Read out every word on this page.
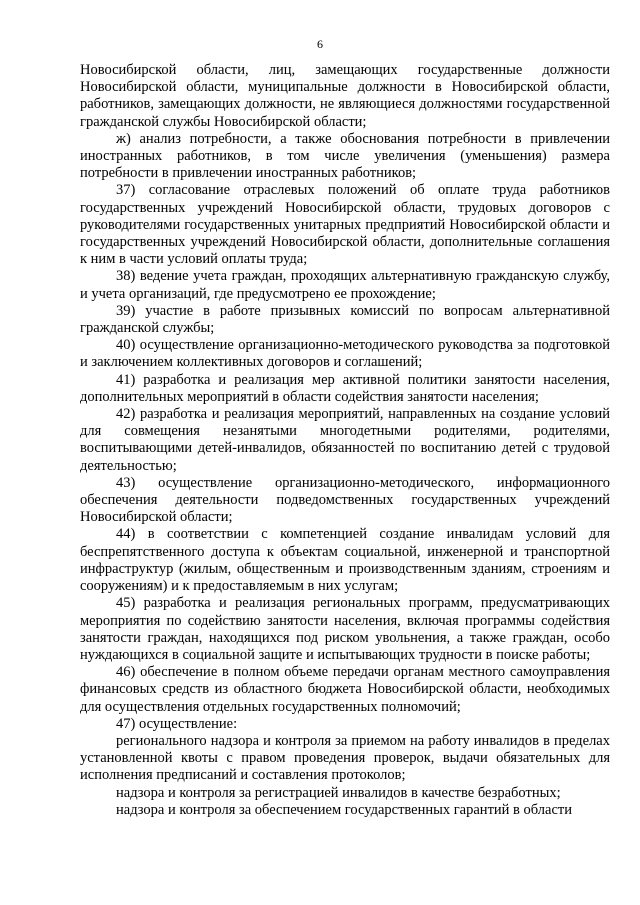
6

Новосибирской области, лиц, замещающих государственные должности Новосибирской области, муниципальные должности в Новосибирской области, работников, замещающих должности, не являющиеся должностями государственной гражданской службы Новосибирской области;

ж) анализ потребности, а также обоснования потребности в привлечении иностранных работников, в том числе увеличения (уменьшения) размера потребности в привлечении иностранных работников;

37) согласование отраслевых положений об оплате труда работников государственных учреждений Новосибирской области, трудовых договоров с руководителями государственных унитарных предприятий Новосибирской области и государственных учреждений Новосибирской области, дополнительные соглашения к ним в части условий оплаты труда;

38) ведение учета граждан, проходящих альтернативную гражданскую службу, и учета организаций, где предусмотрено ее прохождение;

39) участие в работе призывных комиссий по вопросам альтернативной гражданской службы;

40) осуществление организационно-методического руководства за подготовкой и заключением коллективных договоров и соглашений;

41) разработка и реализация мер активной политики занятости населения, дополнительных мероприятий в области содействия занятости населения;

42) разработка и реализация мероприятий, направленных на создание условий для совмещения незанятыми многодетными родителями, родителями, воспитывающими детей-инвалидов, обязанностей по воспитанию детей с трудовой деятельностью;

43) осуществление организационно-методического, информационного обеспечения деятельности подведомственных государственных учреждений Новосибирской области;

44) в соответствии с компетенцией создание инвалидам условий для беспрепятственного доступа к объектам социальной, инженерной и транспортной инфраструктур (жилым, общественным и производственным зданиям, строениям и сооружениям) и к предоставляемым в них услугам;

45) разработка и реализация региональных программ, предусматривающих мероприятия по содействию занятости населения, включая программы содействия занятости граждан, находящихся под риском увольнения, а также граждан, особо нуждающихся в социальной защите и испытывающих трудности в поиске работы;

46) обеспечение в полном объеме передачи органам местного самоуправления финансовых средств из областного бюджета Новосибирской области, необходимых для осуществления отдельных государственных полномочий;

47) осуществление:

регионального надзора и контроля за приемом на работу инвалидов в пределах установленной квоты с правом проведения проверок, выдачи обязательных для исполнения предписаний и составления протоколов;

надзора и контроля за регистрацией инвалидов в качестве безработных;

надзора и контроля за обеспечением государственных гарантий в области
